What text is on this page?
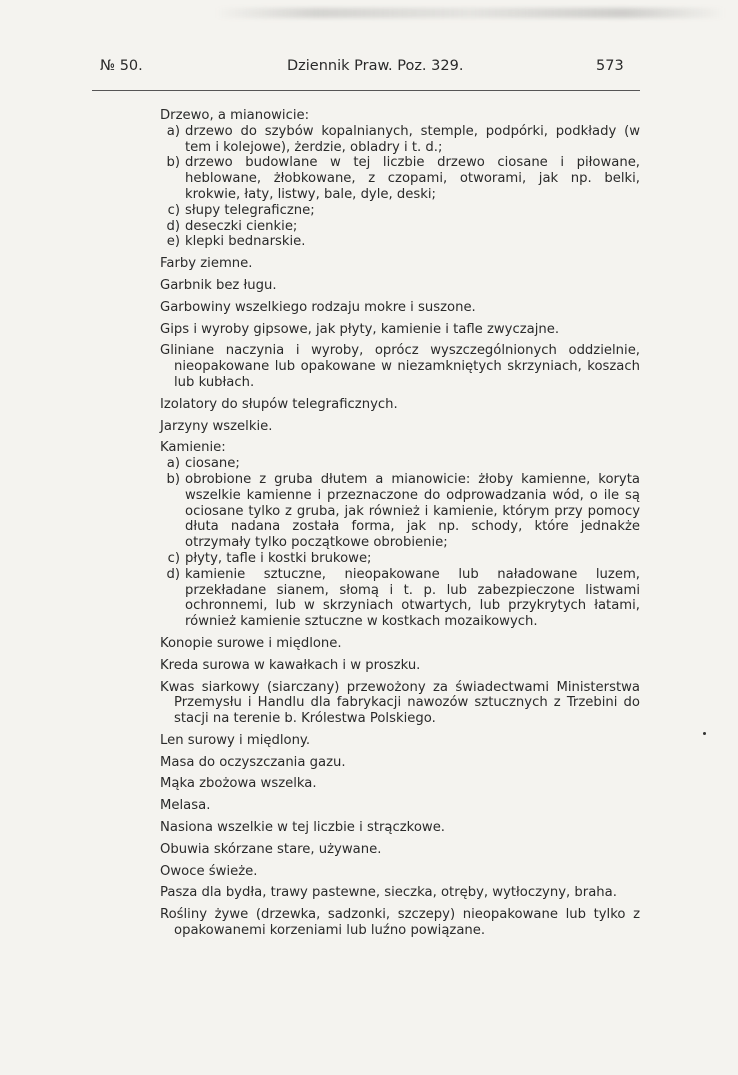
№ 50.	Dziennik Praw. Poz. 329.	573

Drzewo, a mianowicie:

a) drzewo do szybów kopalnianych, stemple, podpórki, podkłady (w tem i kolejowe), żerdzie, obladry i t. d.;
b) drzewo budowlane w tej liczbie drzewo ciosane i piłowane, heblowane, żłobkowane, z czopami, otworami, jak np. belki, krokwie, łaty, listwy, bale, dyle, deski;
c) słupy telegraficzne;
d) deseczki cienkie;
e) klepki bednarskie.

Farby ziemne.

Garbnik bez ługu.

Garbowiny wszelkiego rodzaju mokre i suszone.

Gips i wyroby gipsowe, jak płyty, kamienie i tafle zwyczajne.

Gliniane naczynia i wyroby, oprócz wyszczególnionych oddzielnie, nieopakowane lub opakowane w niezamkniętych skrzyniach, koszach lub kubłach.

Izolatory do słupów telegraficznych.

Jarzyny wszelkie.

Kamienie:

a) ciosane;
b) obrobione z gruba dłutem a mianowicie: żłoby kamienne, koryta wszelkie kamienne i przeznaczone do odprowadzania wód, o ile są ociosane tylko z gruba, jak również i kamienie, którym przy pomocy dłuta nadana została forma, jak np. schody, które jednakże otrzymały tylko początkowe obrobienie;
c) płyty, tafle i kostki brukowe;
d) kamienie sztuczne, nieopakowane lub naładowane luzem, przekładane sianem, słomą i t. p. lub zabezpieczone listwami ochronnemi, lub w skrzyniach otwartych, lub przykrytych łatami, również kamienie sztuczne w kostkach mozaikowych.

Konopie surowe i międlone.

Kreda surowa w kawałkach i w proszku.

Kwas siarkowy (siarczany) przewożony za świadectwami Ministerstwa Przemysłu i Handlu dla fabrykacji nawozów sztucznych z Trzebini do stacji na terenie b. Królestwa Polskiego.

Len surowy i międlony.

Masa do oczyszczania gazu.

Mąka zbożowa wszelka.

Melasa.

Nasiona wszelkie w tej liczbie i strączkowe.

Obuwia skórzane stare, używane.

Owoce świeże.

Pasza dla bydła, trawy pastewne, sieczka, otręby, wytłoczyny, braha.

Rośliny żywe (drzewka, sadzonki, szczepy) nieopakowane lub tylko z opakowanemi korzeniami lub luźno powiązane.
